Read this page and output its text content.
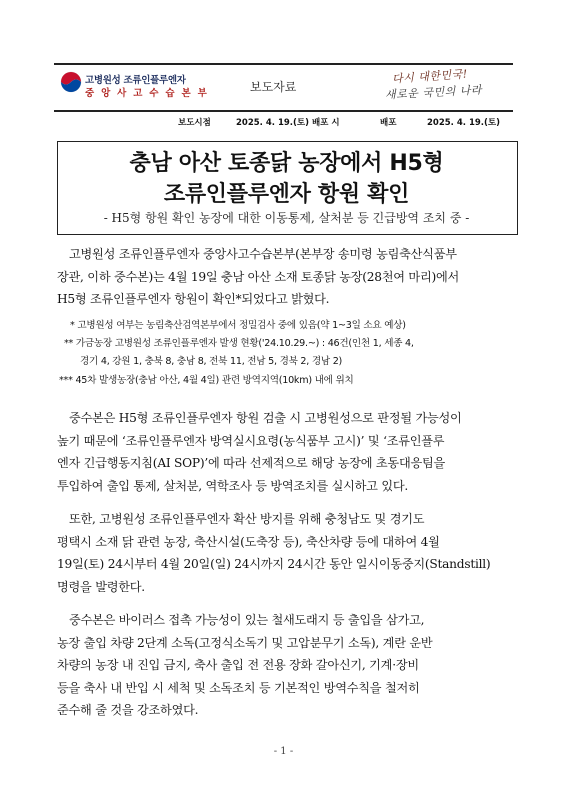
고병원성 조류인플루엔자
중 앙 사 고 수 습 본 부	보도자료
다시 대한민국!
새로운 국민의 나라
보도시점	2025. 4. 19.(토) 배포 시	배포	2025. 4. 19.(토)
충남 아산 토종닭 농장에서 H5형
조류인플루엔자 항원 확인
- H5형 항원 확인 농장에 대한 이동통제, 살처분 등 긴급방역 조치 중 -
고병원성 조류인플루엔자 중앙사고수습본부(본부장 송미령 농림축산식품부
장관, 이하 중수본)는 4월 19일 충남 아산 소재 토종닭 농장(28천여 마리)에서
H5형 조류인플루엔자 항원이 확인*되었다고 밝혔다.
* 고병원성 여부는 농림축산검역본부에서 정밀검사 중에 있음(약 1~3일 소요 예상)
** 가금농장 고병원성 조류인플루엔자 발생 현황('24.10.29.~) : 46건(인천 1, 세종 4,
경기 4, 강원 1, 충북 8, 충남 8, 전북 11, 전남 5, 경북 2, 경남 2)
*** 45차 발생농장(충남 아산, 4월 4일) 관련 방역지역(10km) 내에 위치
중수본은 H5형 조류인플루엔자 항원 검출 시 고병원성으로 판정될 가능성이
높기 때문에 ‘조류인플루엔자 방역실시요령(농식품부 고시)’ 및 ‘조류인플루
엔자 긴급행동지침(AI SOP)’에 따라 선제적으로 해당 농장에 초동대응팀을
투입하여 출입 통제, 살처분, 역학조사 등 방역조치를 실시하고 있다.
또한, 고병원성 조류인플루엔자 확산 방지를 위해 충청남도 및 경기도
평택시 소재 닭 관련 농장, 축산시설(도축장 등), 축산차량 등에 대하여 4월
19일(토) 24시부터 4월 20일(일) 24시까지 24시간 동안 일시이동중지(Standstill)
명령을 발령한다.
중수본은 바이러스 접촉 가능성이 있는 철새도래지 등 출입을 삼가고,
농장 출입 차량 2단계 소독(고정식소독기 및 고압분무기 소독), 계란 운반
차량의 농장 내 진입 금지, 축사 출입 전 전용 장화 갈아신기, 기계·장비
등을 축사 내 반입 시 세척 및 소독조치 등 기본적인 방역수칙을 철저히
준수해 줄 것을 강조하였다.
- 1 -
